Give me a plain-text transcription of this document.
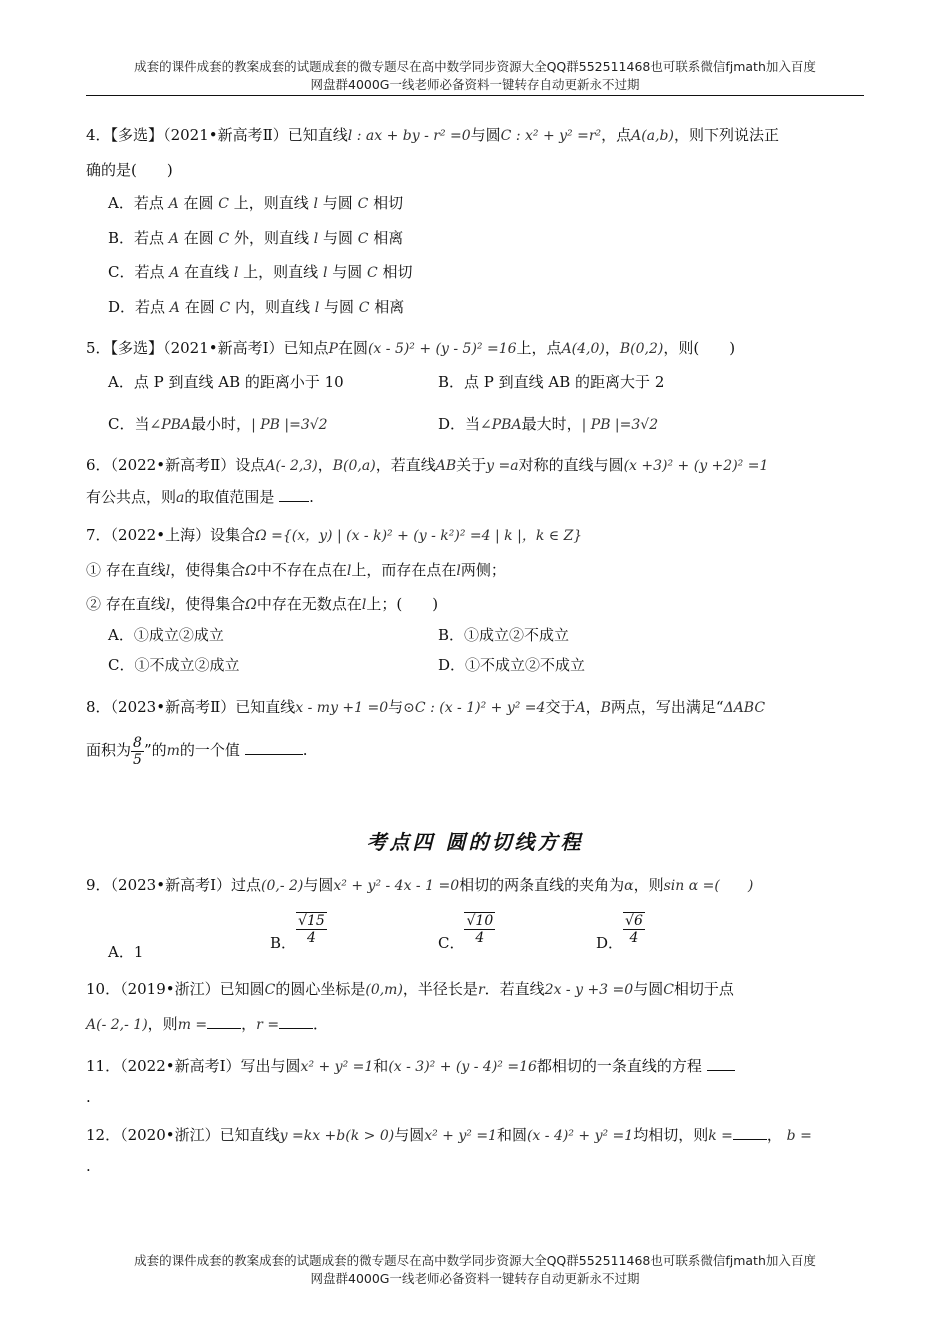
成套的课件成套的教案成套的试题成套的微专题尽在高中数学同步资源大全QQ群552511468也可联系微信fjmath加入百度
网盘群4000G一线老师必备资料一键转存自动更新永不过期
4．【多选】（2021•新高考Ⅱ）已知直线l : ax + by - r² =0与圆C : x² + y² =r²，点A(a,b)，则下列说法正
确的是(　　)
A．若点 A 在圆 C 上，则直线 l 与圆 C 相切
B．若点 A 在圆 C 外，则直线 l 与圆 C 相离
C．若点 A 在直线 l 上，则直线 l 与圆 C 相切
D．若点 A 在圆 C 内，则直线 l 与圆 C 相离
5．【多选】（2021•新高考Ⅰ）已知点P在圆(x - 5)² + (y - 5)² =16上，点A(4,0)，B(0,2)，则(　　)
A．点 P 到直线 AB 的距离小于 10	B．点 P 到直线 AB 的距离大于 2
C．当∠PBA最小时，| PB |=3√2	D．当∠PBA最大时，| PB |=3√2
6．（2022•新高考Ⅱ）设点A(- 2,3)，B(0,a)，若直线AB关于y =a对称的直线与圆(x +3)² + (y +2)² =1
有公共点，则a的取值范围是 .
7．（2022•上海）设集合Ω ={(x，y) | (x - k)² + (y - k²)² =4 | k |，k ∈ Z}
① 存在直线l，使得集合Ω中不存在点在l上，而存在点在l两侧；
② 存在直线l，使得集合Ω中存在无数点在l上；(　　)
A．①成立②成立	B．①成立②不成立
C．①不成立②成立	D．①不成立②不成立
8．（2023•新高考Ⅱ）已知直线x - my +1 =0与⊙C : (x - 1)² + y² =4交于A，B两点，写出满足“ΔABC
面积为 $\frac{8}{5}$ ”的m的一个值	.
考点四 圆的切线方程
9．（2023•新高考Ⅰ）过点(0,- 2)与圆x² + y² - 4x - 1 =0相切的两条直线的夹角为α，则sin α =(　　)
A．1	B． $\frac{√15}{4}$	C． $\frac{√10}{4}$	D． $\frac{√6}{4}$
10．（2019•浙江）已知圆C的圆心坐标是(0,m)，半径长是r．若直线2x - y +3 =0与圆C相切于点
A(- 2,- 1)，则m = ，r = ．
11．（2022•新高考Ⅰ）写出与圆x² + y² =1和(x - 3)² + (y - 4)² =16都相切的一条直线的方程
.
12．（2020•浙江）已知直线y =kx +b(k > 0)与圆x² + y² =1和圆(x - 4)² + y² =1均相切，则k = ， b =
.
成套的课件成套的教案成套的试题成套的微专题尽在高中数学同步资源大全QQ群552511468也可联系微信fjmath加入百度
网盘群4000G一线老师必备资料一键转存自动更新永不过期
